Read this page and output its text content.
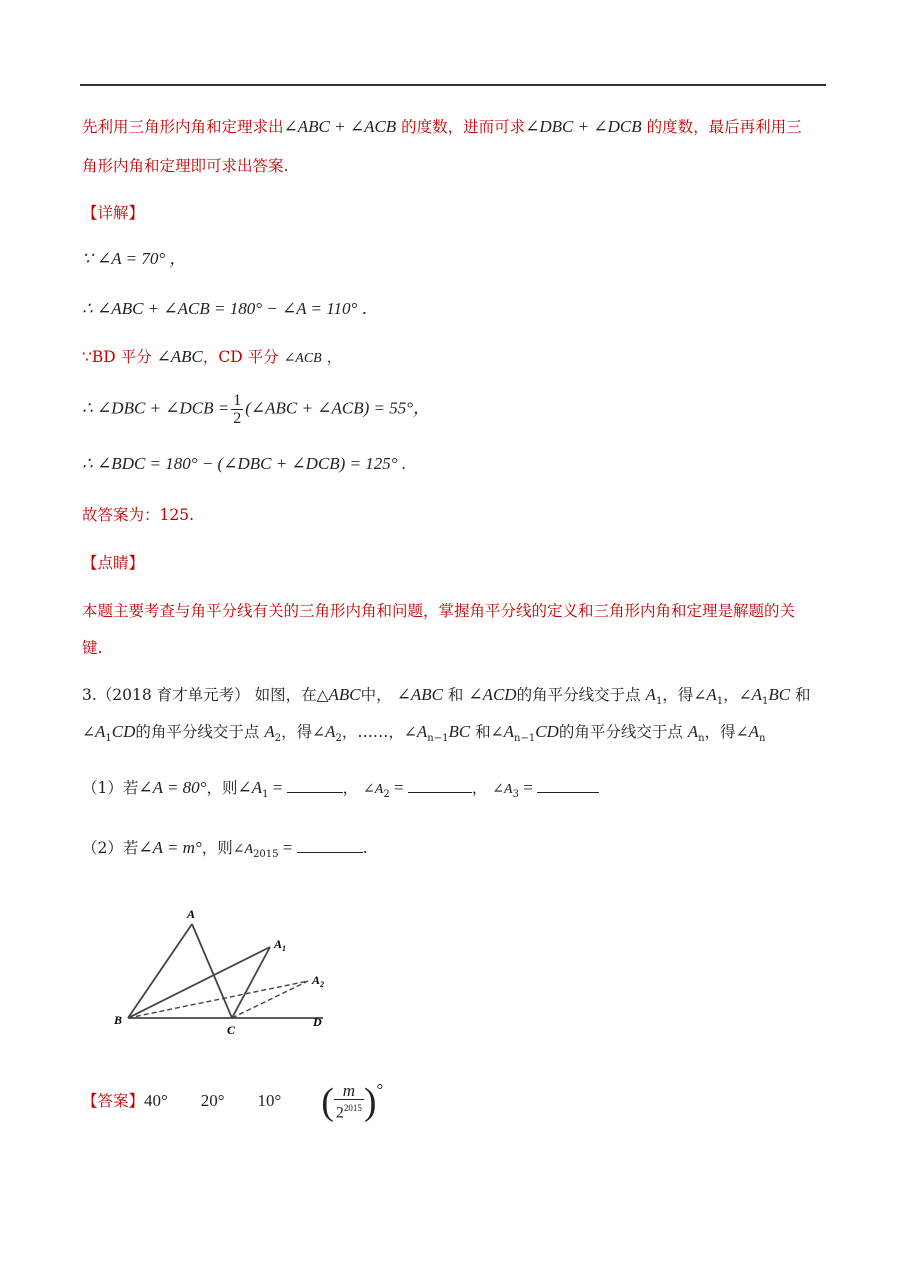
先利用三角形内角和定理求出∠ABC + ∠ACB 的度数，进而可求∠DBC + ∠DCB 的度数，最后再利用三
角形内角和定理即可求出答案.
【详解】
∵ ∠A = 70° ，
∴ ∠ABC + ∠ACB = 180° − ∠A = 110° ．
∵BD 平分 ∠ABC，CD 平分 ∠ACB ，
∴ ∠DBC + ∠DCB = $\frac{1}{2}$ (∠ABC + ∠ACB) = 55°，
∴ ∠BDC = 180° − (∠DBC + ∠DCB) = 125° .
故答案为：125.
【点睛】
本题主要考查与角平分线有关的三角形内角和问题，掌握角平分线的定义和三角形内角和定理是解题的关
键.
3.（2018 育才单元考） 如图，在△ABC中， ∠ABC 和 ∠ACD的角平分线交于点 $A_1$，得$\angle A_1$，$\angle A_1BC$ 和
$\angle A_1CD$的角平分线交于点 $A_2$，得$\angle A_2$，……，$\angle A_{n-1}BC$ 和$\angle A_{n-1}CD$的角平分线交于点 $A_n$，得$\angle A_n$
（1）若∠A = 80°，则$\angle A_1$ =	， $\angle A_2$ =	， $\angle A_3$ =
（2）若∠A = m°，则$\angle A_{2015}$ =	.
A
$A_1$
$A_2$
B
C
D
【答案】40° 20° 10° ( $\frac{m}{2^{2015}}$ )°
